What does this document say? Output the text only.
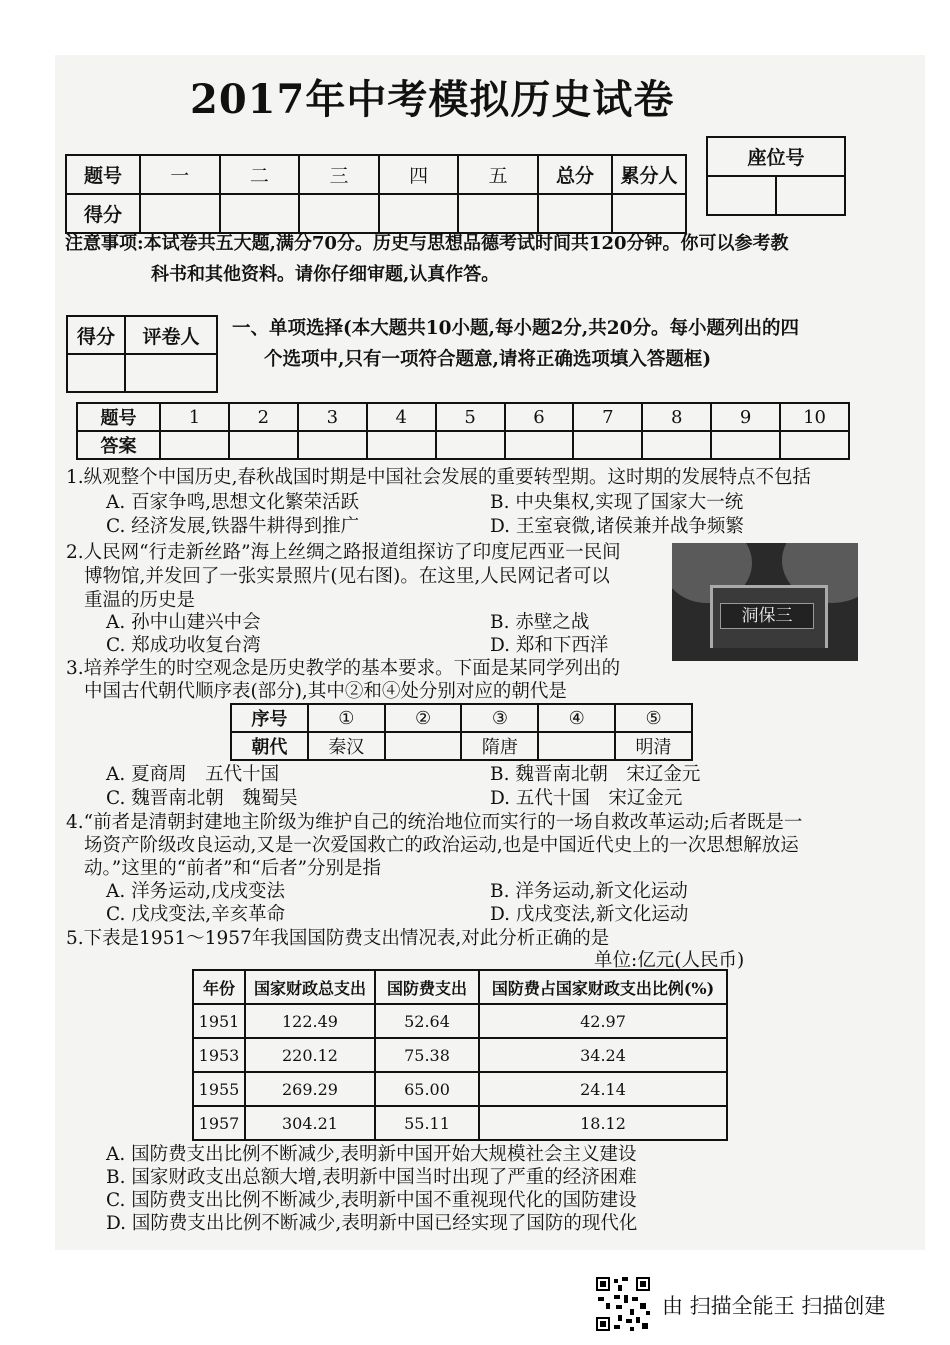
2017年中考模拟历史试卷
题号	一	二	三	四	五	总分	累分人
得分							
座位号

注意事项:本试卷共五大题,满分70分。历史与思想品德考试时间共120分钟。你可以参考教
科书和其他资料。请你仔细审题,认真作答。
得分	评卷人
	一、单项选择(本大题共10小题,每小题2分,共20分。每小题列出的四
个选项中,只有一项符合题意,请将正确选项填入答题框)
题号	1	2	3	4	5	6	7	8	9	10
答案										
1.纵观整个中国历史,春秋战国时期是中国社会发展的重要转型期。这时期的发展特点不包括
A. 百家争鸣,思想文化繁荣活跃	B. 中央集权,实现了国家大一统
C. 经济发展,铁器牛耕得到推广	D. 王室衰微,诸侯兼并战争频繁
2.人民网“行走新丝路”海上丝绸之路报道组探访了印度尼西亚一民间
博物馆,并发回了一张实景照片(见右图)。在这里,人民网记者可以
重温的历史是
A. 孙中山建兴中会	B. 赤壁之战
C. 郑成功收复台湾	D. 郑和下西洋
洞保三
3.培养学生的时空观念是历史教学的基本要求。下面是某同学列出的
中国古代朝代顺序表(部分),其中②和④处分别对应的朝代是
序号	①	②	③	④	⑤
朝代	秦汉		隋唐		明清
A. 夏商周　五代十国	B. 魏晋南北朝　宋辽金元
C. 魏晋南北朝　魏蜀吴	D. 五代十国　宋辽金元
4.“前者是清朝封建地主阶级为维护自己的统治地位而实行的一场自救改革运动;后者既是一
场资产阶级改良运动,又是一次爱国救亡的政治运动,也是中国近代史上的一次思想解放运
动。”这里的“前者”和“后者”分别是指
A. 洋务运动,戊戌变法	B. 洋务运动,新文化运动
C. 戊戌变法,辛亥革命	D. 戊戌变法,新文化运动
5.下表是1951～1957年我国国防费支出情况表,对此分析正确的是
单位:亿元(人民币)
年份	国家财政总支出	国防费支出	国防费占国家财政支出比例(%)
1951	122.49	52.64	42.97
1953	220.12	75.38	34.24
1955	269.29	65.00	24.14
1957	304.21	55.11	18.12
A. 国防费支出比例不断减少,表明新中国开始大规模社会主义建设
B. 国家财政支出总额大增,表明新中国当时出现了严重的经济困难
C. 国防费支出比例不断减少,表明新中国不重视现代化的国防建设
D. 国防费支出比例不断减少,表明新中国已经实现了国防的现代化
由 扫描全能王 扫描创建
